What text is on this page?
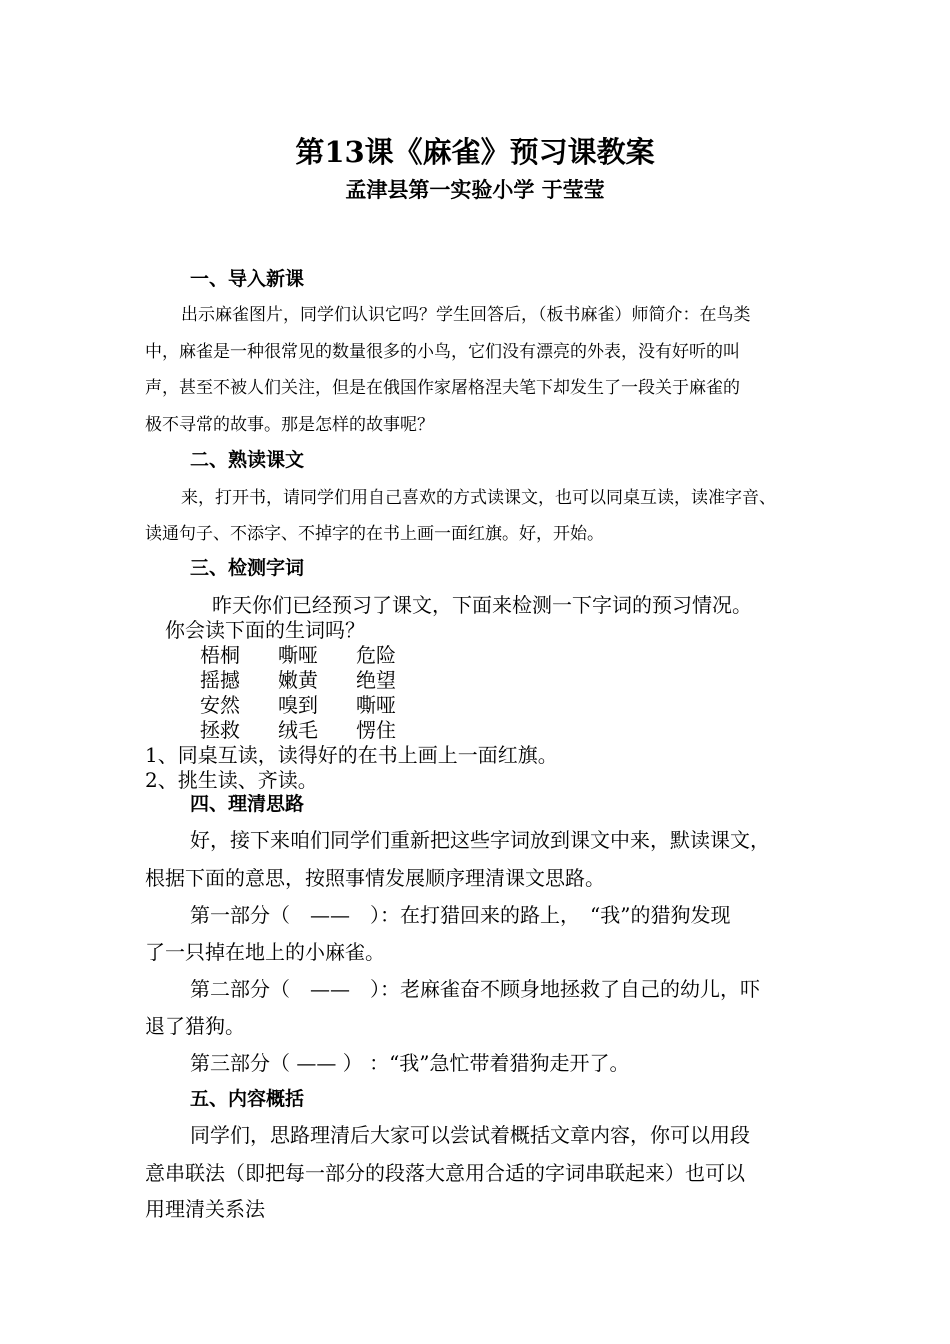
第13课《麻雀》预习课教案
孟津县第一实验小学 于莹莹
一、导入新课
出示麻雀图片，同学们认识它吗？学生回答后，（板书麻雀）师简介：在鸟类
中，麻雀是一种很常见的数量很多的小鸟，它们没有漂亮的外表，没有好听的叫
声，甚至不被人们关注，但是在俄国作家屠格涅夫笔下却发生了一段关于麻雀的
极不寻常的故事。那是怎样的故事呢？
二、熟读课文
来，打开书，请同学们用自己喜欢的方式读课文，也可以同桌互读，读准字音、
读通句子、不添字、不掉字的在书上画一面红旗。好，开始。
三、检测字词
昨天你们已经预习了课文，下面来检测一下字词的预习情况。
你会读下面的生词吗？
梧桐 嘶哑 危险
摇撼 嫩黄 绝望
安然 嗅到 嘶哑
拯救 绒毛 愣住
1、同桌互读，读得好的在书上画上一面红旗。
2、挑生读、齐读。
四、理清思路
好，接下来咱们同学们重新把这些字词放到课文中来，默读课文，
根据下面的意思，按照事情发展顺序理清课文思路。
第一部分（　——　）：在打猎回来的路上，　“我”的猎狗发现
了一只掉在地上的小麻雀。
第二部分（　——　）：老麻雀奋不顾身地拯救了自己的幼儿，吓
退了猎狗。
第三部分（ —— ） ：“我”急忙带着猎狗走开了。
五、内容概括
同学们，思路理清后大家可以尝试着概括文章内容，你可以用段
意串联法（即把每一部分的段落大意用合适的字词串联起来）也可以
用理清关系法
